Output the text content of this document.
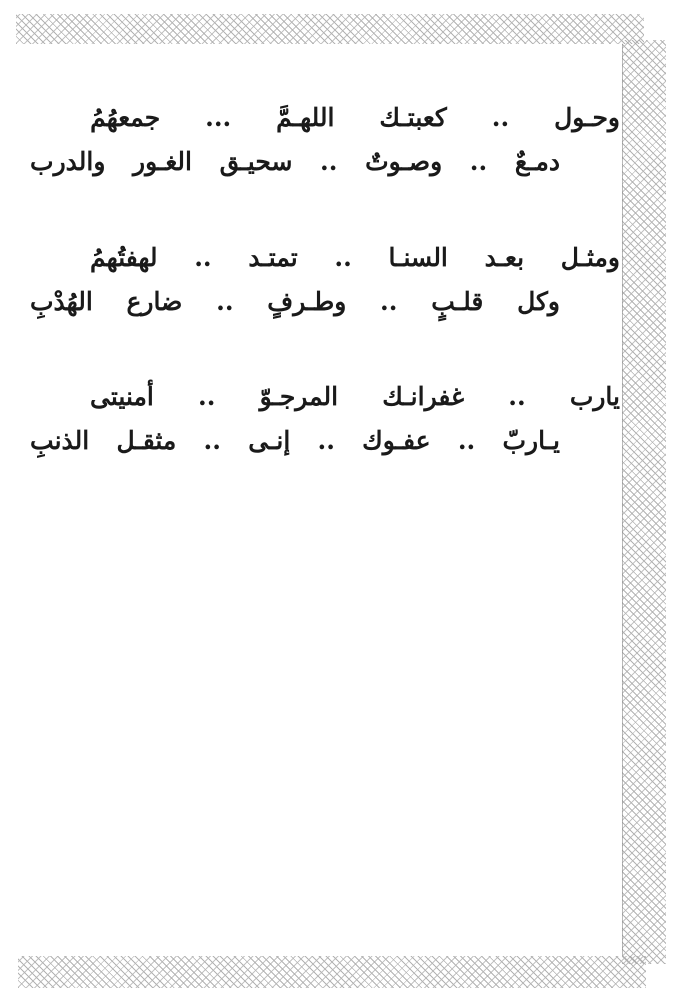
وحـول
..
كعبتـك
اللهـمَّ
...
جمعهُمُ
دمـعٌ
..
وصـوتٌ
..
سحيـق
الغـور
والدرب
ومثـل
بعـد
السنـا
..
تمتـد
..
لهفتُهمُ
وكل
قلـبٍ
..
وطـرفٍ
..
ضارع
الهُدْبِ
يارب
..
غفرانـك
المرجـوّ
..
أمنيتى
يـاربّ
..
عفـوك
..
إنـى
..
مثقـل
الذنبِ
